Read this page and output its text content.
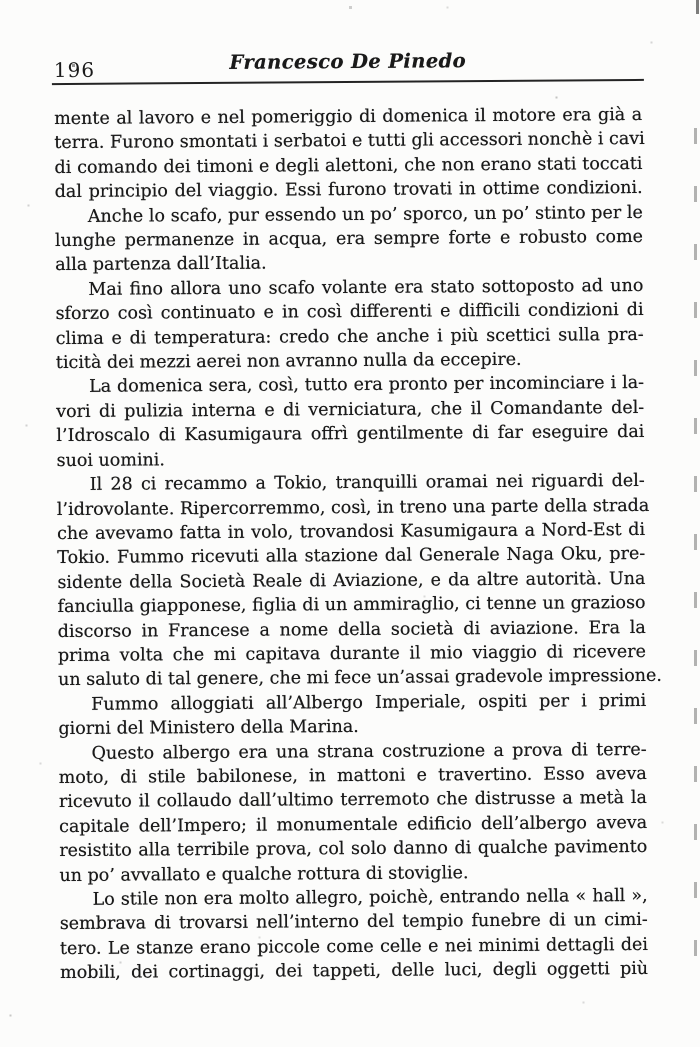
196	Francesco De Pinedo
mente al lavoro e nel pomeriggio di domenica il motore era già a
terra. Furono smontati i serbatoi e tutti gli accessori nonchè i cavi
di comando dei timoni e degli alettoni, che non erano stati toccati
dal principio del viaggio. Essi furono trovati in ottime condizioni.
Anche lo scafo, pur essendo un po’ sporco, un po’ stinto per le
lunghe permanenze in acqua, era sempre forte e robusto come
alla partenza dall’Italia.
Mai fino allora uno scafo volante era stato sottoposto ad uno
sforzo così continuato e in così differenti e difficili condizioni di
clima e di temperatura: credo che anche i più scettici sulla pra-
ticità dei mezzi aerei non avranno nulla da eccepire.
La domenica sera, così, tutto era pronto per incominciare i la-
vori di pulizia interna e di verniciatura, che il Comandante del-
l’Idroscalo di Kasumigaura offrì gentilmente di far eseguire dai
suoi uomini.
Il 28 ci recammo a Tokio, tranquilli oramai nei riguardi del-
l’idrovolante. Ripercorremmo, così, in treno una parte della strada
che avevamo fatta in volo, trovandosi Kasumigaura a Nord-Est di
Tokio. Fummo ricevuti alla stazione dal Generale Naga Oku, pre-
sidente della Società Reale di Aviazione, e da altre autorità. Una
fanciulla giapponese, figlia di un ammiraglio, ci tenne un grazioso
discorso in Francese a nome della società di aviazione. Era la
prima volta che mi capitava durante il mio viaggio di ricevere
un saluto di tal genere, che mi fece un’assai gradevole impressione.
Fummo alloggiati all’Albergo Imperiale, ospiti per i primi
giorni del Ministero della Marina.
Questo albergo era una strana costruzione a prova di terre-
moto, di stile babilonese, in mattoni e travertino. Esso aveva
ricevuto il collaudo dall’ultimo terremoto che distrusse a metà la
capitale dell’Impero; il monumentale edificio dell’albergo aveva
resistito alla terribile prova, col solo danno di qualche pavimento
un po’ avvallato e qualche rottura di stoviglie.
Lo stile non era molto allegro, poichè, entrando nella « hall »,
sembrava di trovarsi nell’interno del tempio funebre di un cimi-
tero. Le stanze erano piccole come celle e nei minimi dettagli dei
mobili, dei cortinaggi, dei tappeti, delle luci, degli oggetti più
